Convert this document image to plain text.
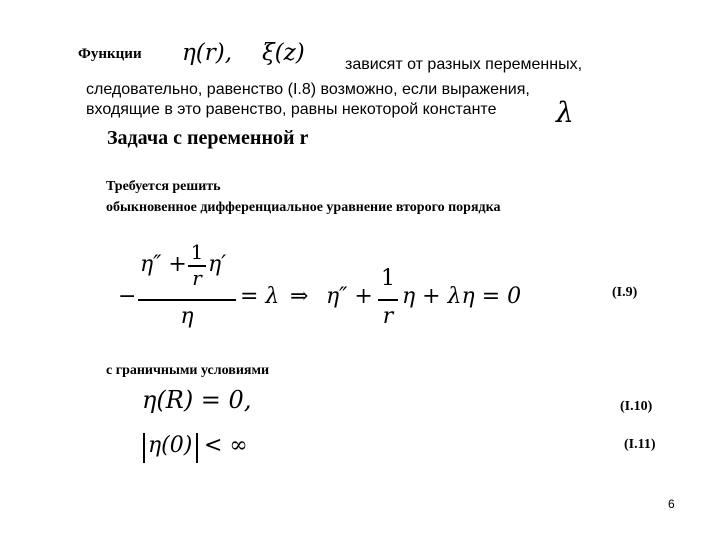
Функции η(r), ξ(z)	зависят от разных переменных,
следовательно, равенство (I.8) возможно, если выражения,
входящие в это равенство, равны некоторой константе λ
Задача с переменной r
Требуется решить
обыкновенное дифференциальное уравнение второго порядка
−
η″ + 1
r
η′
η
= λ ⇒ η″ +
1
r
η + λη = 0	(I.9)
с граничными условиями
η(R) = 0,	(I.10)
η(0) < ∞	(I.11)
6
